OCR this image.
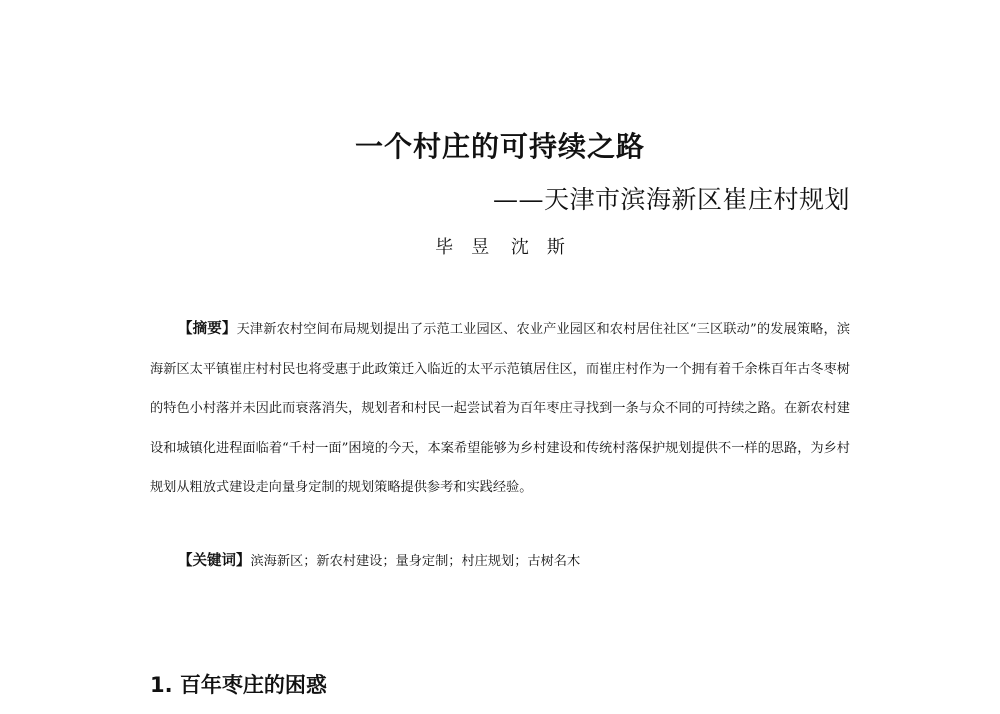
一个村庄的可持续之路
——天津市滨海新区崔庄村规划
毕　昱 沈　斯
【摘要】天津新农村空间布局规划提出了示范工业园区、农业产业园区和农村居住社区“三区联动”的发展策略，滨海新区太平镇崔庄村村民也将受惠于此政策迁入临近的太平示范镇居住区，而崔庄村作为一个拥有着千余株百年古冬枣树的特色小村落并未因此而衰落消失，规划者和村民一起尝试着为百年枣庄寻找到一条与众不同的可持续之路。在新农村建设和城镇化进程面临着“千村一面”困境的今天，本案希望能够为乡村建设和传统村落保护规划提供不一样的思路，为乡村规划从粗放式建设走向量身定制的规划策略提供参考和实践经验。
【关键词】滨海新区；新农村建设；量身定制；村庄规划；古树名木
1. 百年枣庄的困惑
